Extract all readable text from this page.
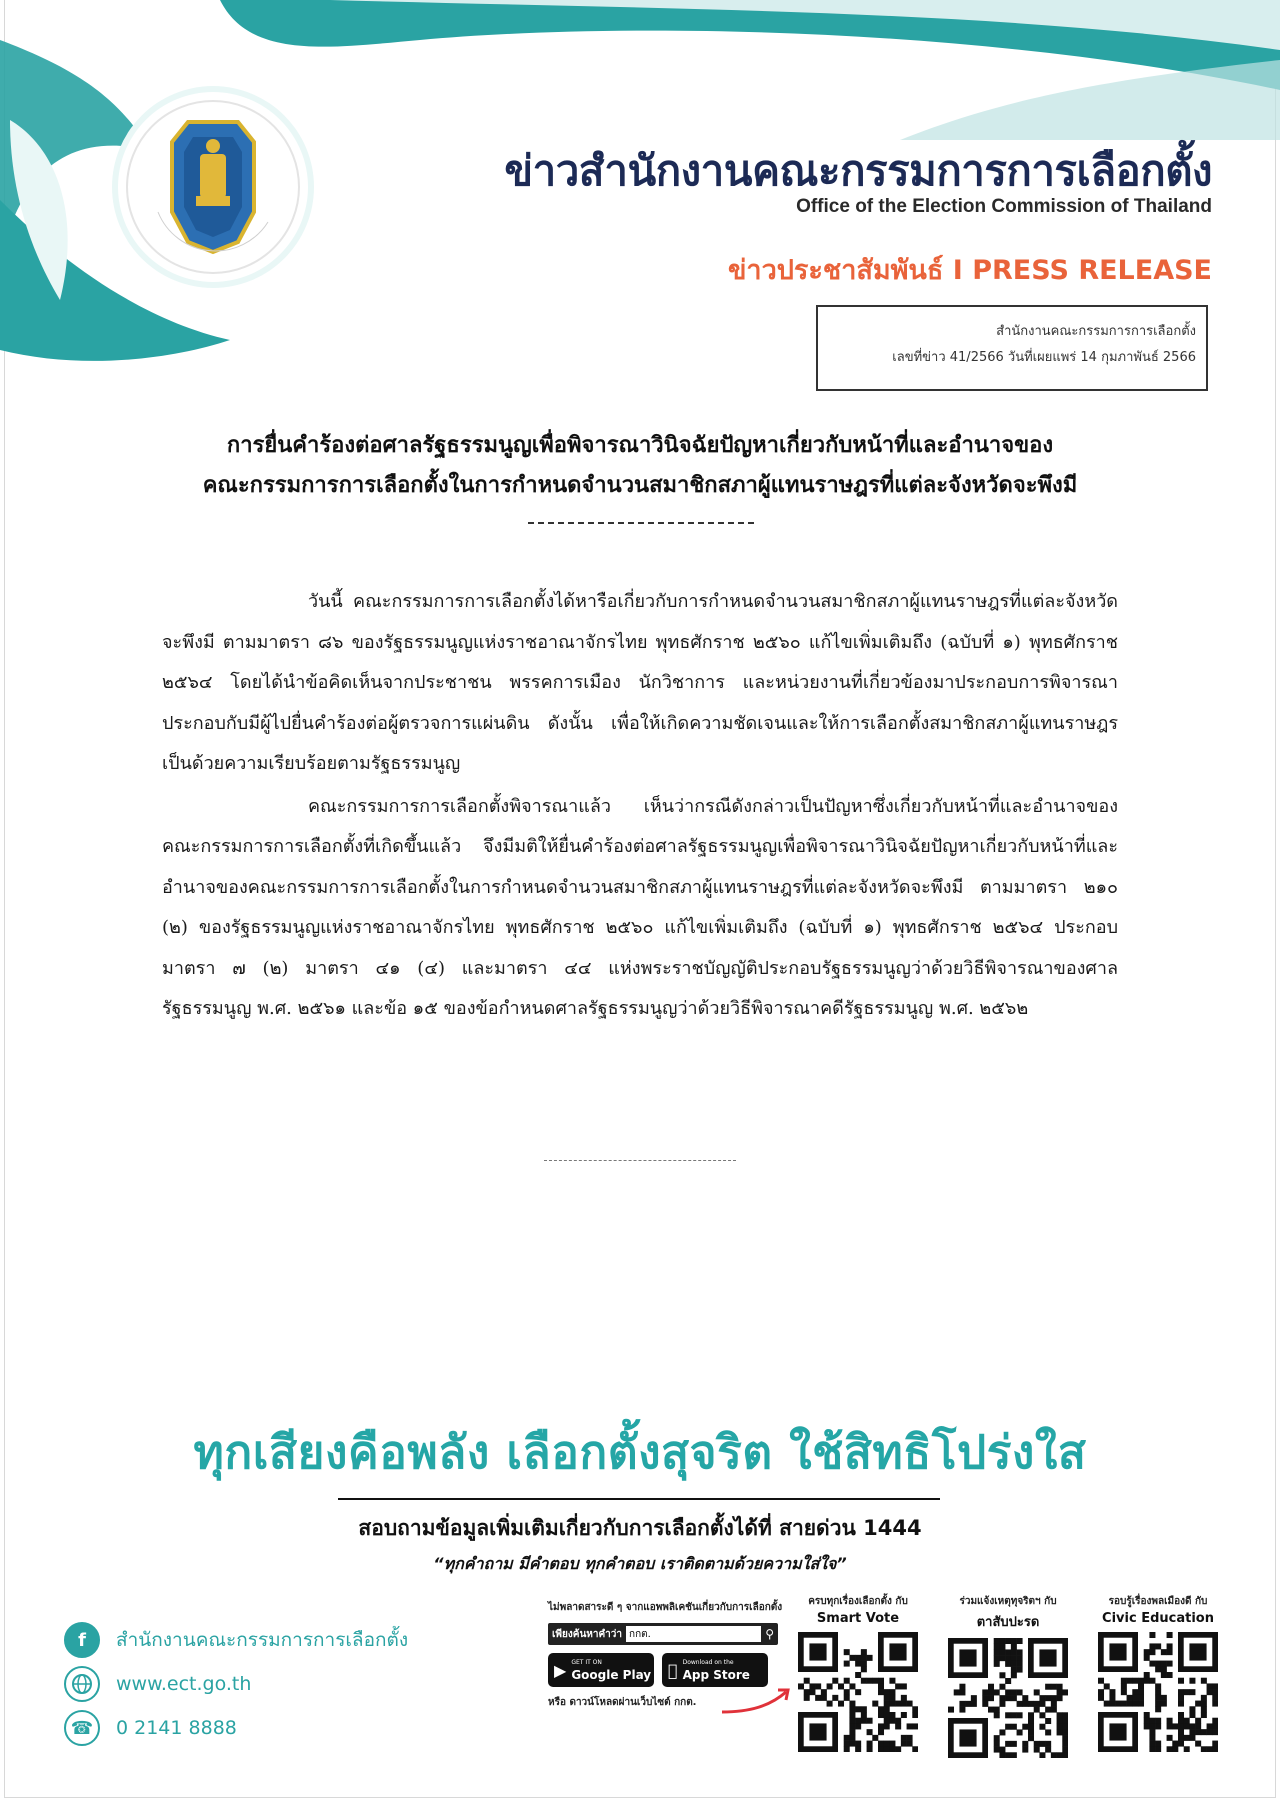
ข่าวสำนักงานคณะกรรมการการเลือกตั้ง
Office of the Election Commission of Thailand
ข่าวประชาสัมพันธ์ I PRESS RELEASE
สำนักงานคณะกรรมการการเลือกตั้ง
เลขที่ข่าว 41/2566 วันที่เผยแพร่ 14 กุมภาพันธ์ 2566
การยื่นคำร้องต่อศาลรัฐธรรมนูญเพื่อพิจารณาวินิจฉัยปัญหาเกี่ยวกับหน้าที่และอำนาจของ
คณะกรรมการการเลือกตั้งในการกำหนดจำนวนสมาชิกสภาผู้แทนราษฎรที่แต่ละจังหวัดจะพึงมี

วันนี้ คณะกรรมการการเลือกตั้งได้หารือเกี่ยวกับการกำหนดจำนวนสมาชิกสภาผู้แทนราษฎรที่แต่ละจังหวัดจะพึงมี ตามมาตรา ๘๖ ของรัฐธรรมนูญแห่งราชอาณาจักรไทย พุทธศักราช ๒๕๖๐ แก้ไขเพิ่มเติมถึง (ฉบับที่ ๑) พุทธศักราช ๒๕๖๔ โดยได้นำข้อคิดเห็นจากประชาชน พรรคการเมือง นักวิชาการ และหน่วยงานที่เกี่ยวข้องมาประกอบการพิจารณา ประกอบกับมีผู้ไปยื่นคำร้องต่อผู้ตรวจการแผ่นดิน ดังนั้น เพื่อให้เกิดความชัดเจนและให้การเลือกตั้งสมาชิกสภาผู้แทนราษฎรเป็นด้วยความเรียบร้อยตามรัฐธรรมนูญ

คณะกรรมการการเลือกตั้งพิจารณาแล้ว เห็นว่ากรณีดังกล่าวเป็นปัญหาซึ่งเกี่ยวกับหน้าที่และอำนาจของคณะกรรมการการเลือกตั้งที่เกิดขึ้นแล้ว จึงมีมติให้ยื่นคำร้องต่อศาลรัฐธรรมนูญเพื่อพิจารณาวินิจฉัยปัญหาเกี่ยวกับหน้าที่และอำนาจของคณะกรรมการการเลือกตั้งในการกำหนดจำนวนสมาชิกสภาผู้แทนราษฎรที่แต่ละจังหวัดจะพึงมี ตามมาตรา ๒๑๐ (๒) ของรัฐธรรมนูญแห่งราชอาณาจักรไทย พุทธศักราช ๒๕๖๐ แก้ไขเพิ่มเติมถึง (ฉบับที่ ๑) พุทธศักราช ๒๕๖๔ ประกอบมาตรา ๗ (๒) มาตรา ๔๑ (๔) และมาตรา ๔๔ แห่งพระราชบัญญัติประกอบรัฐธรรมนูญว่าด้วยวิธีพิจารณาของศาลรัฐธรรมนูญ พ.ศ. ๒๕๖๑ และข้อ ๑๕ ของข้อกำหนดศาลรัฐธรรมนูญว่าด้วยวิธีพิจารณาคดีรัฐธรรมนูญ พ.ศ. ๒๕๖๒

ทุกเสียงคือพลัง เลือกตั้งสุจริต ใช้สิทธิโปร่งใส
สอบถามข้อมูลเพิ่มเติมเกี่ยวกับการเลือกตั้งได้ที่ สายด่วน 1444
“ทุกคำถาม มีคำตอบ ทุกคำตอบ เราติดตามด้วยความใส่ใจ”
f	สำนักงานคณะกรรมการการเลือกตั้ง
www.ect.go.th
☎	0 2141 8888
ไม่พลาดสาระดี ๆ จากแอพพลิเคชันเกี่ยวกับการเลือกตั้ง
เพียงค้นหาคำว่า
กกต.	⚲
▶ GET IT ON
Google Play
Download on the
App Store
หรือ ดาวน์โหลดผ่านเว็บไซต์ กกต.
ครบทุกเรื่องเลือกตั้ง กับ
Smart Vote
ร่วมแจ้งเหตุทุจริตฯ กับ
ตาสับปะรด
รอบรู้เรื่องพลเมืองดี กับ
Civic Education
